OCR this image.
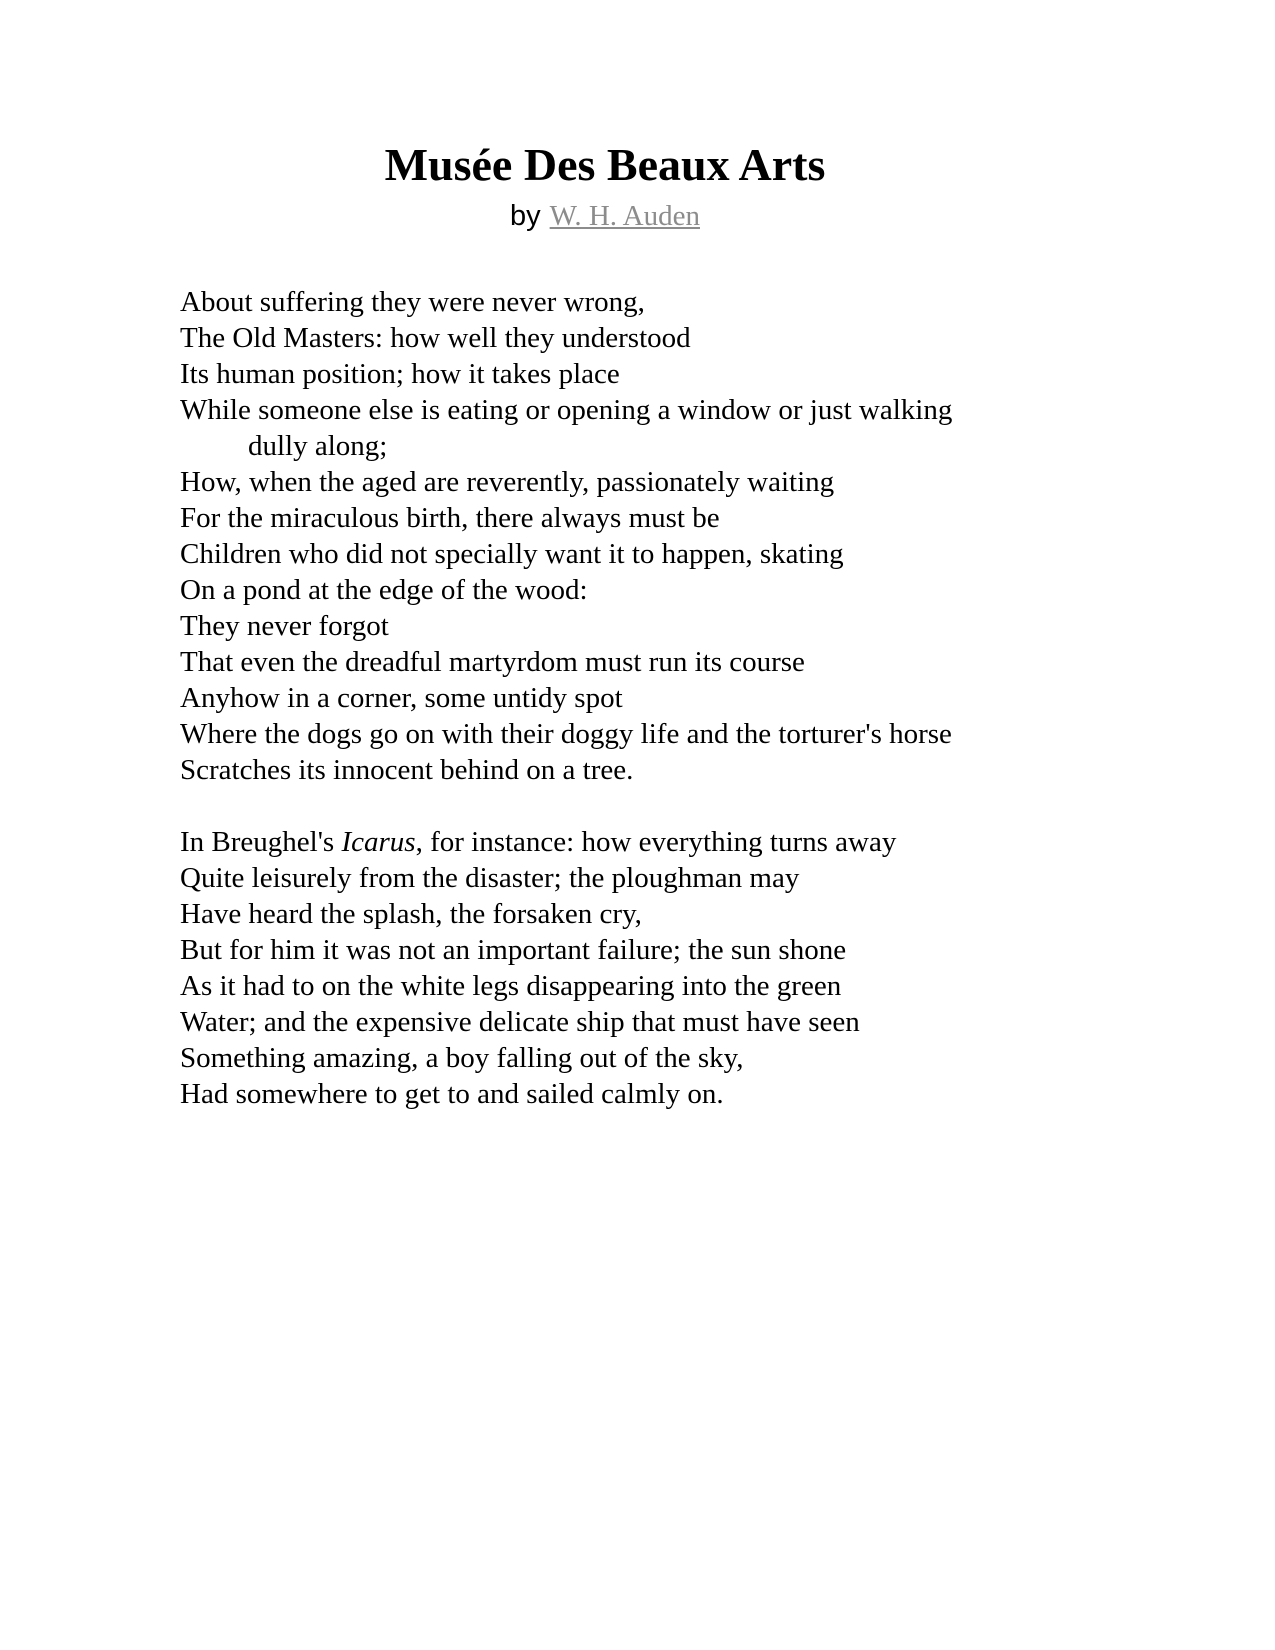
Musée Des Beaux Arts
by W. H. Auden
About suffering they were never wrong,
The Old Masters: how well they understood
Its human position; how it takes place
While someone else is eating or opening a window or just walking
dully along;
How, when the aged are reverently, passionately waiting
For the miraculous birth, there always must be
Children who did not specially want it to happen, skating
On a pond at the edge of the wood:
They never forgot
That even the dreadful martyrdom must run its course
Anyhow in a corner, some untidy spot
Where the dogs go on with their doggy life and the torturer's horse
Scratches its innocent behind on a tree.
In Breughel's Icarus, for instance: how everything turns away
Quite leisurely from the disaster; the ploughman may
Have heard the splash, the forsaken cry,
But for him it was not an important failure; the sun shone
As it had to on the white legs disappearing into the green
Water; and the expensive delicate ship that must have seen
Something amazing, a boy falling out of the sky,
Had somewhere to get to and sailed calmly on.
